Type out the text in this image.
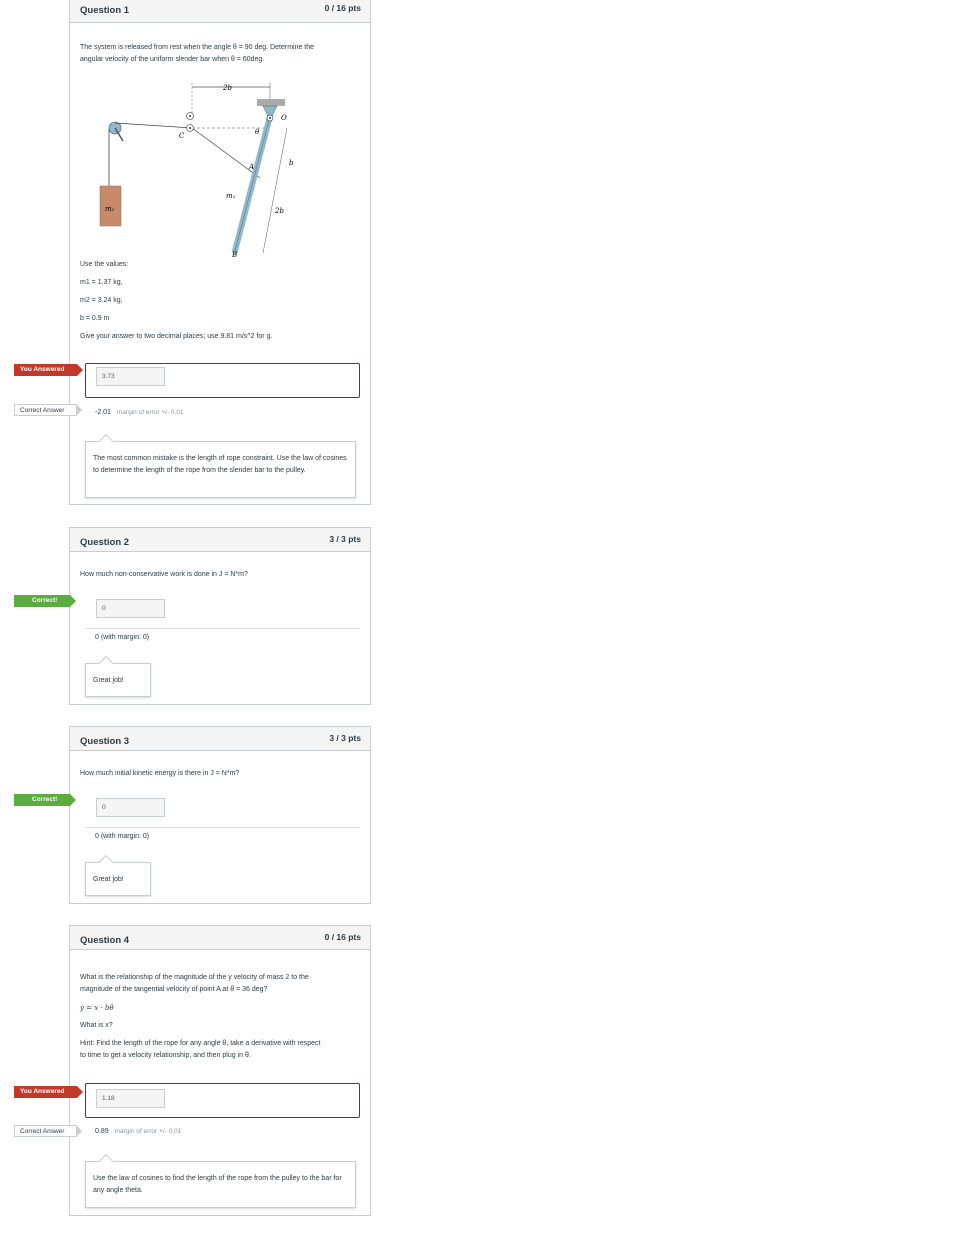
Question 1	0 / 16 pts
The system is released from rest when the angle θ = 90 deg. Determine the
angular velocity of the uniform slender bar when θ = 60deg.
2b
m₂
C
O
θ
A
m₁
B
b
2b
Use the values:
m1 = 1.37 kg,
m2 = 3.24 kg,
b = 0.9 m
Give your answer to two decimal places; use 9.81 m/s^2 for g.
3.73
-2.01 margin of error +/- 0.01
The most common mistake is the length of rope constraint. Use the law of cosines to determine the length of the rope from the slender bar to the pulley.
Question 2	3 / 3 pts
How much non-conservative work is done in J = N*m?
0
0 (with margin: 0)
Great job!
Question 3	3 / 3 pts
How much initial kinetic energy is there in J = N*m?
0
0 (with margin: 0)
Great job!
Question 4	0 / 16 pts
What is the relationship of the magnitude of the y velocity of mass 2 to the
magnitude of the tangential velocity of point A at θ = 36 deg?
ẏ = x · bθ̇
What is x?
Hint: Find the length of the rope for any angle θ, take a derivative with respect
to time to get a velocity relationship, and then plug in θ.
1.18
0.89 margin of error +/- 0.01
Use the law of cosines to find the length of the rope from the pulley to the bar for any angle theta.
You Answered
Correct Answer
Correct!
Correct!
You Answered
Correct Answer
